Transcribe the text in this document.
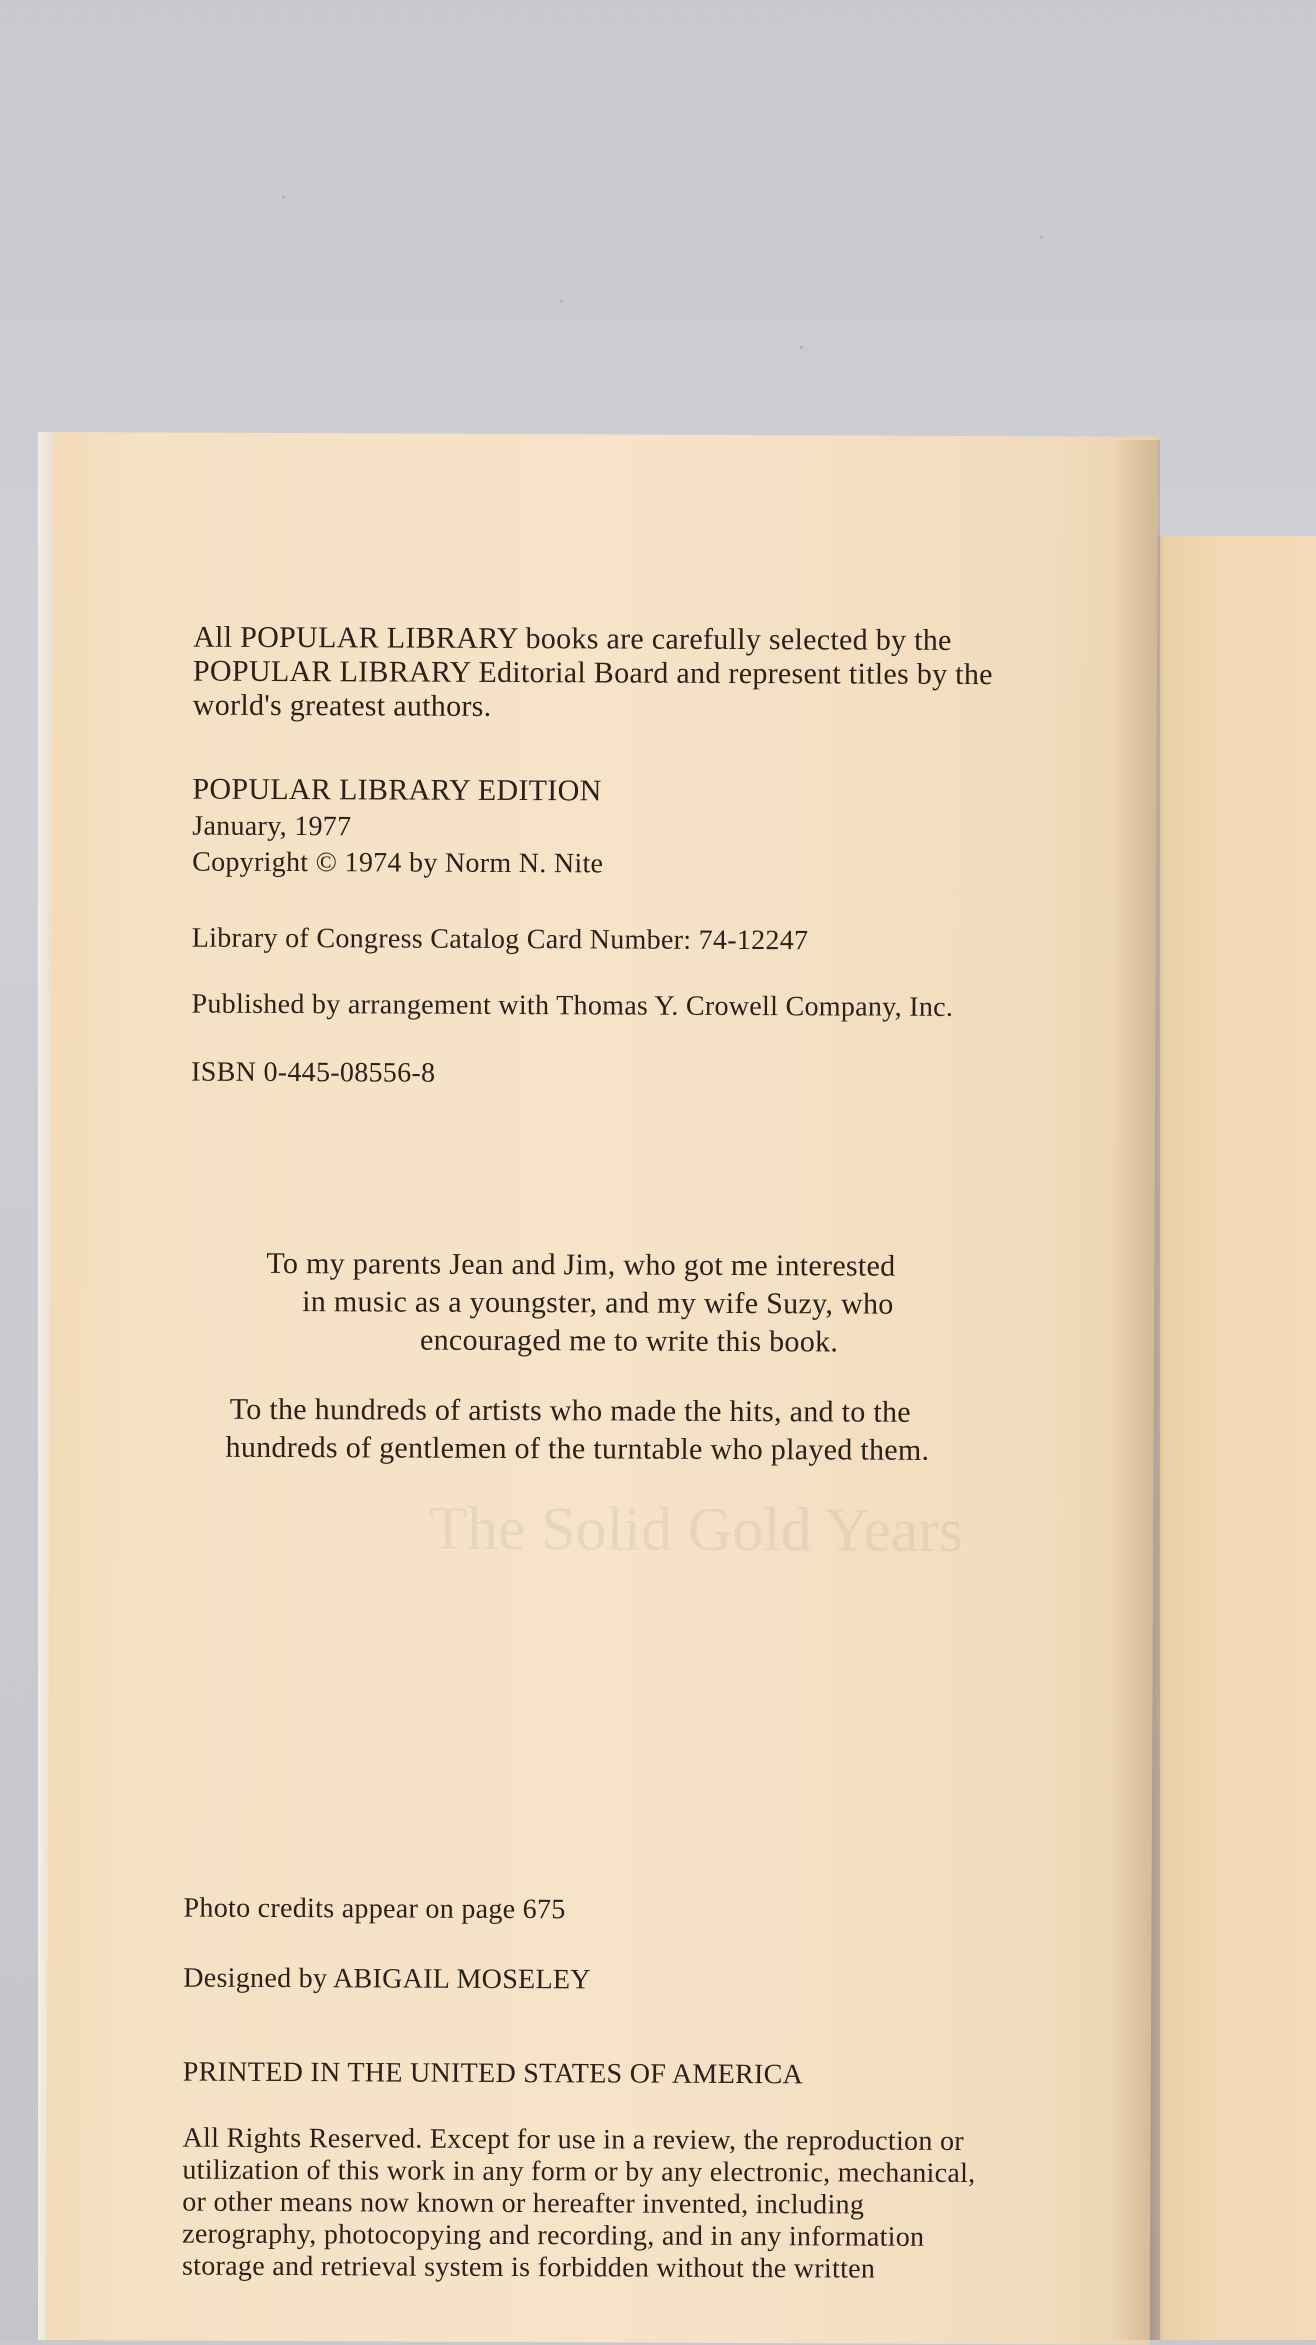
The Solid Gold Years

All POPULAR LIBRARY books are carefully selected by the

POPULAR LIBRARY Editorial Board and represent titles by the

world's greatest authors.

POPULAR LIBRARY EDITION

January, 1977

Copyright © 1974 by Norm N. Nite

Library of Congress Catalog Card Number: 74-12247

Published by arrangement with Thomas Y. Crowell Company, Inc.

ISBN 0-445-08556-8

To my parents Jean and Jim, who got me interested

in music as a youngster, and my wife Suzy, who

encouraged me to write this book.

To the hundreds of artists who made the hits, and to the

hundreds of gentlemen of the turntable who played them.

Photo credits appear on page 675

Designed by ABIGAIL MOSELEY

PRINTED IN THE UNITED STATES OF AMERICA

All Rights Reserved. Except for use in a review, the reproduction or

utilization of this work in any form or by any electronic, mechanical,

or other means now known or hereafter invented, including

zerography, photocopying and recording, and in any information

storage and retrieval system is forbidden without the written
